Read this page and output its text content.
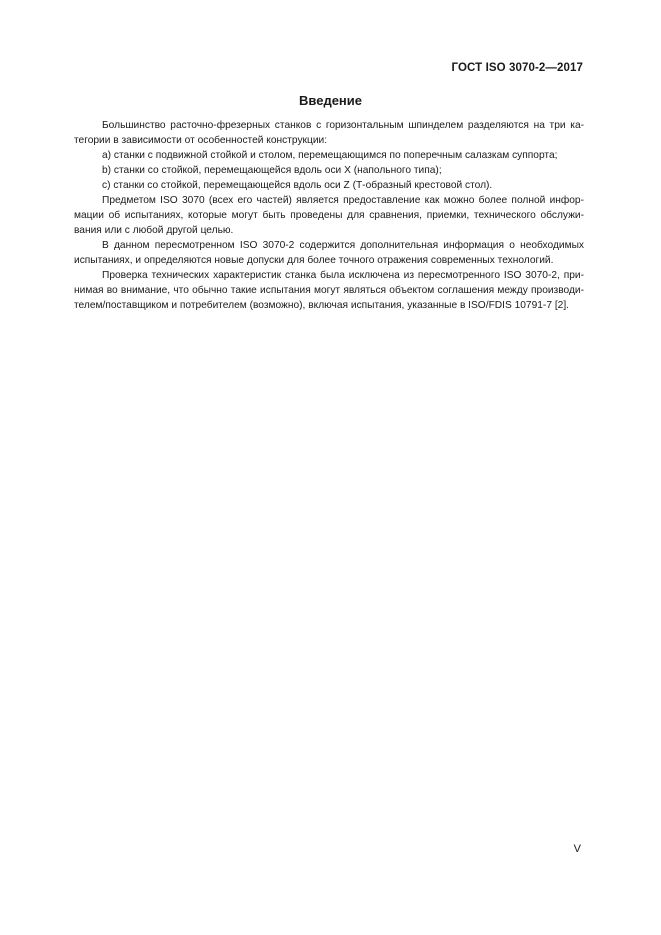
ГОСТ ISO 3070-2—2017
Введение

Большинство расточно-фрезерных станков с горизонтальным шпинделем разделяются на три ка-
тегории в зависимости от особенностей конструкции:

a) станки с подвижной стойкой и столом, перемещающимся по поперечным салазкам суппорта;

b) станки со стойкой, перемещающейся вдоль оси X (напольного типа);

c) станки со стойкой, перемещающейся вдоль оси Z (Т-образный крестовой стол).

Предметом ISO 3070 (всех его частей) является предоставление как можно более полной инфор-
мации об испытаниях, которые могут быть проведены для сравнения, приемки, технического обслужи-
вания или с любой другой целью.

В данном пересмотренном ISO 3070-2 содержится дополнительная информация о необходимых
испытаниях, и определяются новые допуски для более точного отражения современных технологий.

Проверка технических характеристик станка была исключена из пересмотренного ISO 3070-2, при-
нимая во внимание, что обычно такие испытания могут являться объектом соглашения между производи-
телем/поставщиком и потребителем (возможно), включая испытания, указанные в ISO/FDIS 10791-7 [2].

V
